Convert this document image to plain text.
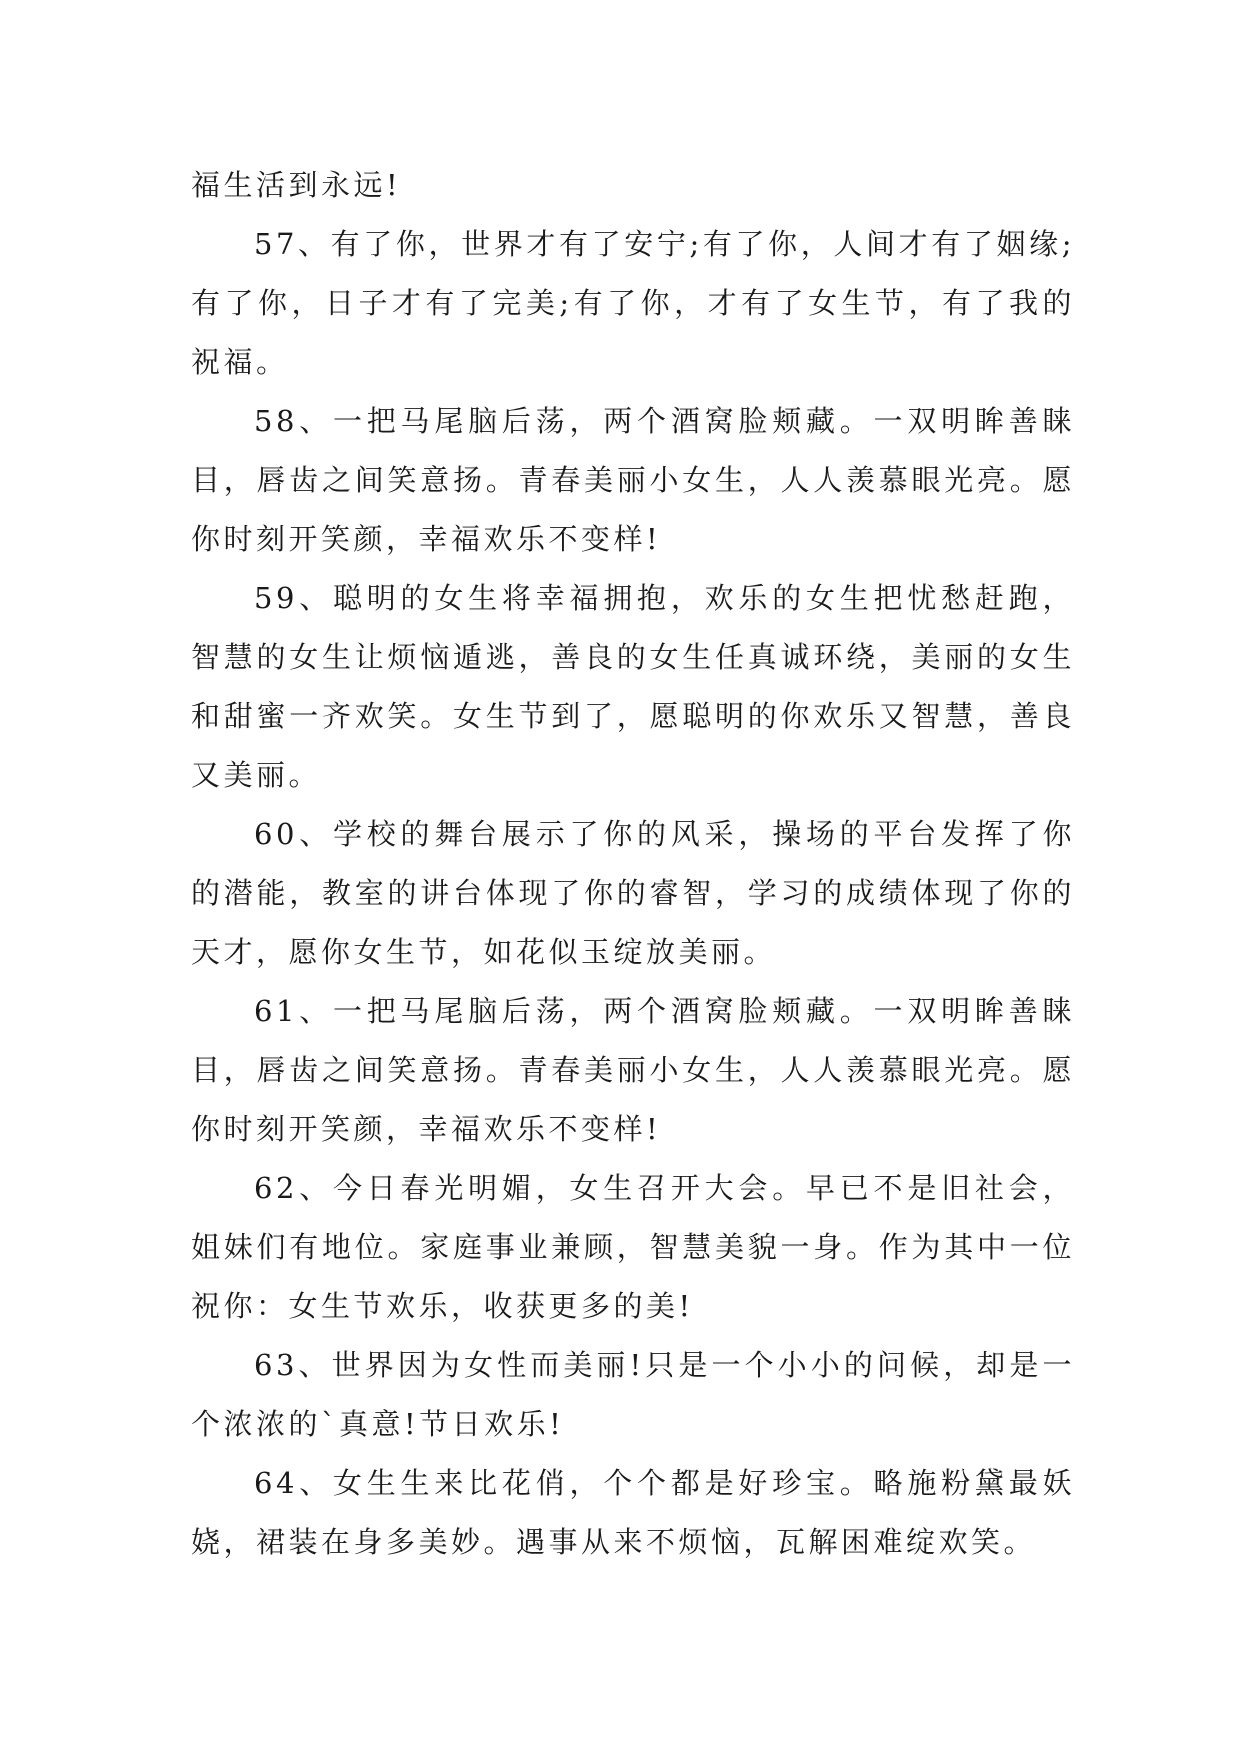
福生活到永远!

57、有了你，世界才有了安宁;有了你，人间才有了姻缘;有了你，日子才有了完美;有了你，才有了女生节，有了我的祝福。

58、一把马尾脑后荡，两个酒窝脸颊藏。一双明眸善睐目，唇齿之间笑意扬。青春美丽小女生，人人羡慕眼光亮。愿你时刻开笑颜，幸福欢乐不变样!

59、聪明的女生将幸福拥抱，欢乐的女生把忧愁赶跑，智慧的女生让烦恼遁逃，善良的女生任真诚环绕，美丽的女生和甜蜜一齐欢笑。女生节到了，愿聪明的你欢乐又智慧，善良又美丽。

60、学校的舞台展示了你的风采，操场的平台发挥了你的潜能，教室的讲台体现了你的睿智，学习的成绩体现了你的天才，愿你女生节，如花似玉绽放美丽。

61、一把马尾脑后荡，两个酒窝脸颊藏。一双明眸善睐目，唇齿之间笑意扬。青春美丽小女生，人人羡慕眼光亮。愿你时刻开笑颜，幸福欢乐不变样!

62、今日春光明媚，女生召开大会。早已不是旧社会，姐妹们有地位。家庭事业兼顾，智慧美貌一身。作为其中一位祝你：女生节欢乐，收获更多的美!

63、世界因为女性而美丽!只是一个小小的问候，却是一个浓浓的`真意!节日欢乐!

64、女生生来比花俏，个个都是好珍宝。略施粉黛最妖娆，裙装在身多美妙。遇事从来不烦恼，瓦解困难绽欢笑。
